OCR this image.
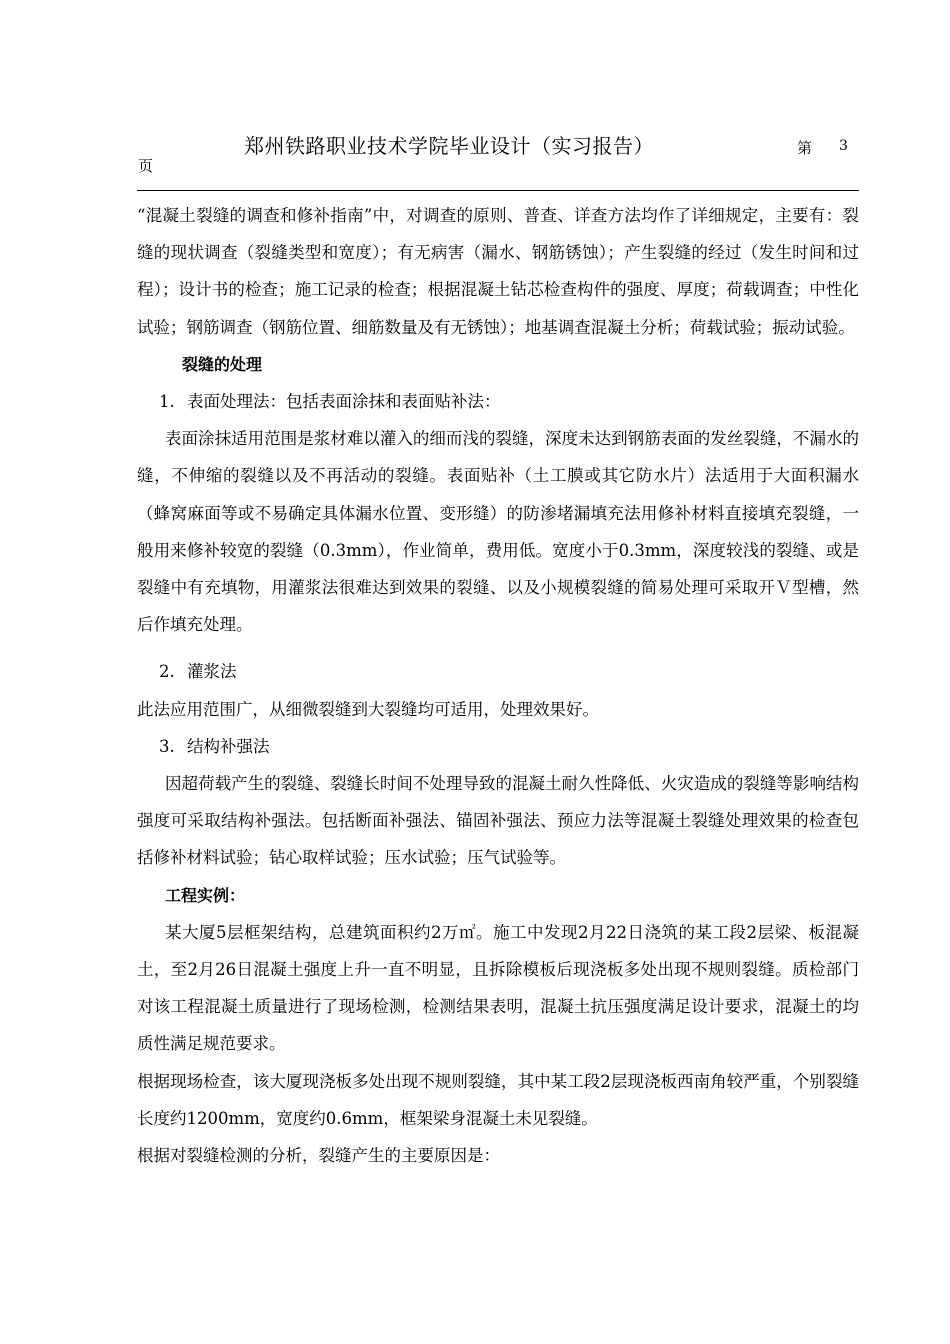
郑州铁路职业技术学院毕业设计（实习报告）	第 3
页

“混凝土裂缝的调查和修补指南”中，对调查的原则、普查、详查方法均作了详细规定，主要有：裂缝的现状调查（裂缝类型和宽度）；有无病害（漏水、钢筋锈蚀）；产生裂缝的经过（发生时间和过程）；设计书的检查；施工记录的检查；根据混凝土钻芯检查构件的强度、厚度；荷载调查；中性化试验；钢筋调查（钢筋位置、细筋数量及有无锈蚀）；地基调查混凝土分析；荷载试验；振动试验。

裂缝的处理

1. 表面处理法：包括表面涂抹和表面贴补法：

表面涂抹适用范围是浆材难以灌入的细而浅的裂缝，深度未达到钢筋表面的发丝裂缝，不漏水的缝，不伸缩的裂缝以及不再活动的裂缝。表面贴补（土工膜或其它防水片）法适用于大面积漏水（蜂窝麻面等或不易确定具体漏水位置、变形缝）的防渗堵漏填充法用修补材料直接填充裂缝，一般用来修补较宽的裂缝（0.3mm），作业简单，费用低。宽度小于0.3mm，深度较浅的裂缝、或是裂缝中有充填物，用灌浆法很难达到效果的裂缝、以及小规模裂缝的简易处理可采取开Ｖ型槽，然后作填充处理。

2. 灌浆法

此法应用范围广，从细微裂缝到大裂缝均可适用，处理效果好。

3. 结构补强法

因超荷载产生的裂缝、裂缝长时间不处理导致的混凝土耐久性降低、火灾造成的裂缝等影响结构强度可采取结构补强法。包括断面补强法、锚固补强法、预应力法等混凝土裂缝处理效果的检查包括修补材料试验；钻心取样试验；压水试验；压气试验等。

工程实例：

某大厦5层框架结构，总建筑面积约2万㎡。施工中发现2月22日浇筑的某工段2层梁、板混凝土，至2月26日混凝土强度上升一直不明显，且拆除模板后现浇板多处出现不规则裂缝。质检部门对该工程混凝土质量进行了现场检测，检测结果表明，混凝土抗压强度满足设计要求，混凝土的均质性满足规范要求。

根据现场检查，该大厦现浇板多处出现不规则裂缝，其中某工段2层现浇板西南角较严重，个别裂缝长度约1200mm，宽度约0.6mm，框架梁身混凝土未见裂缝。

根据对裂缝检测的分析，裂缝产生的主要原因是：
